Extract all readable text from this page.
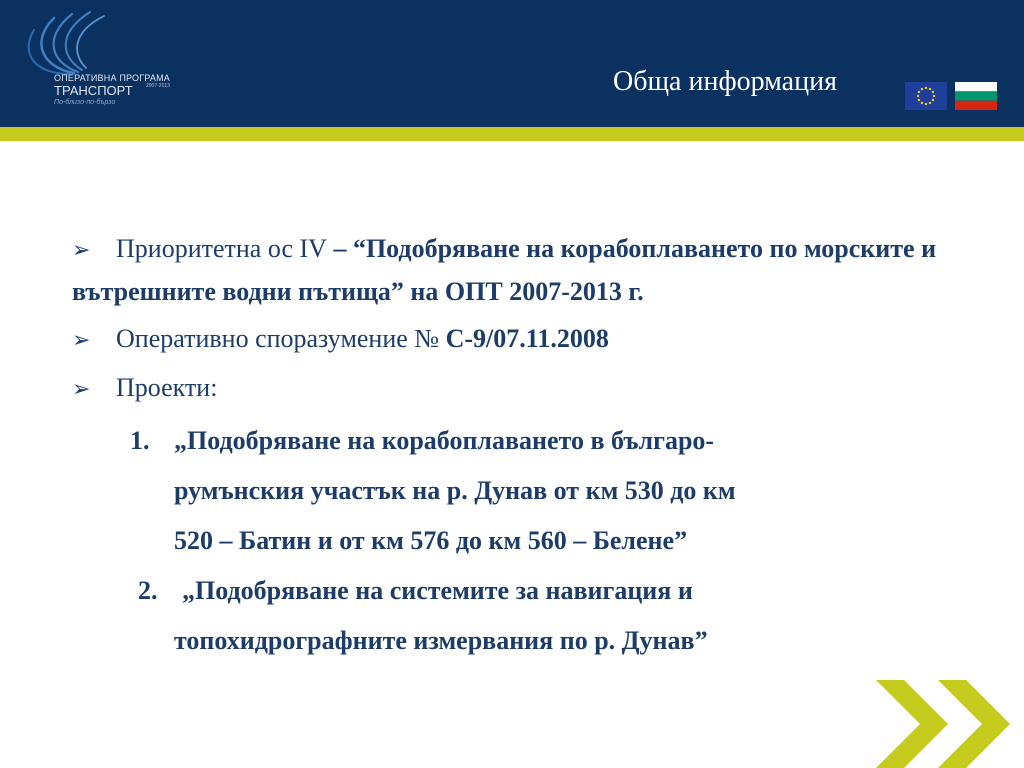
ОПЕРАТИВНА ПРОГРАМА
ТРАНСПОРТ	2007-2013
По-близо-по-бързо
Обща информация
➢ Приоритетна ос IV – “Подобряване на корабоплаването по морските и вътрешните водни пътища” на ОПТ 2007-2013 г.
➢ Оперативно споразумение № С-9/07.11.2008
➢ Проекти:
1. „Подобряване на корабоплаването в българо-
румънския участък на р. Дунав от км 530 до км
520 – Батин и от км 576 до км 560 – Белене”
2. „Подобряване на системите за навигация и
топохидрографните измервания по р. Дунав”
